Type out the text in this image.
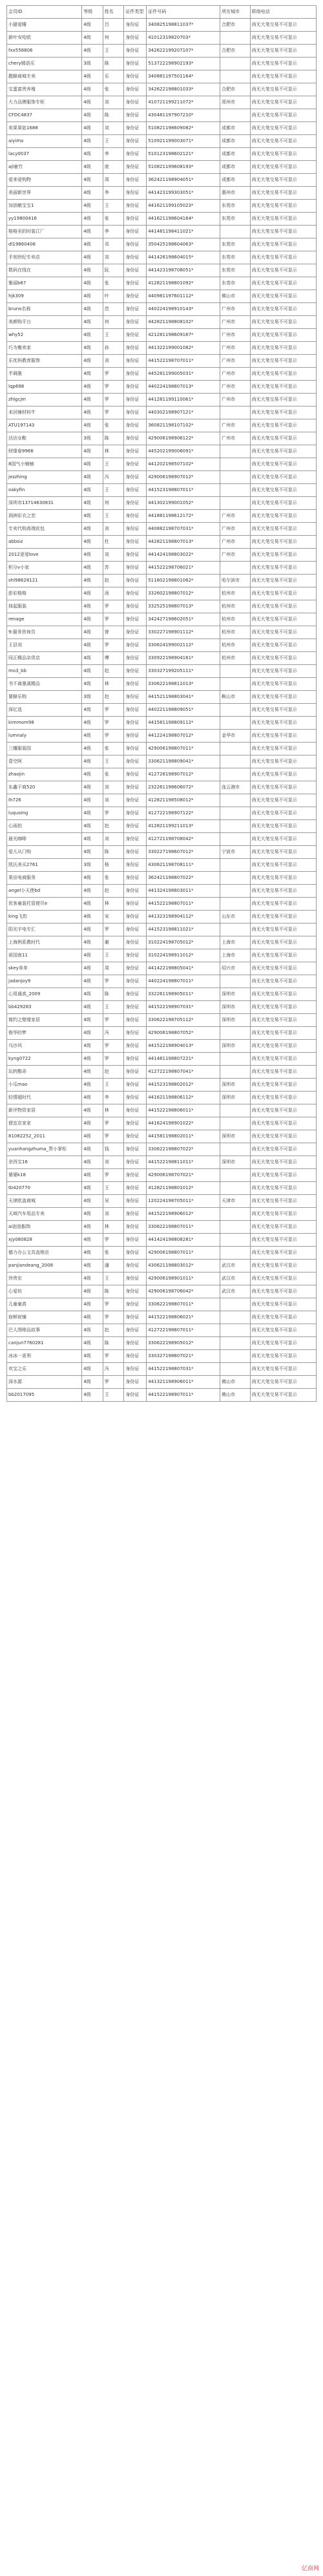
会员ID	等级	姓名	证件类型	证件号码	所在城市	联络电话
小猫爱睡	4级	吕	身份证	340825198811037*	合肥市	尚无大笔交易不可显示
新叶安哈欧	4级	何	身份证	41012319820703*		尚无大笔交易不可显示
fxx558806	4级	王	身份证	342622199207107*	合肥市	尚无大笔交易不可显示
chery嫣语乐	3级	陈	身份证	513722198902193*		尚无大笔交易不可显示
靓蜂商城专卖	4级	乐	身份证	340881197501164*		尚无大笔交易不可显示
宝蛋富贵养殖	4级	张	身份证	342622198801033*	合肥市	尚无大笔交易不可显示
大力品牌服饰专柜	4级	刘	身份证	410721199211072*	郑州市	尚无大笔交易不可显示
CFDC4837	4级	陈	身份证	430481197907210*		尚无大笔交易不可显示
卖果果姑1688	4级	刘	身份证	510821198609082*	成都市	尚无大笔交易不可显示
aiyimo	4级	王	身份证	510921199003071*	成都市	尚无大笔交易不可显示
lacy0037	4级	李	身份证	510123198602121*	成都市	尚无大笔交易不可显示
ajl童竹	4级	庞	身份证	510821199608193*	成都市	尚无大笔交易不可显示
爱来爱购物	4级	周	身份证	362421198904051*	成都市	尚无大笔交易不可显示
美丽新世界	4级	李	身份证	441423199303051*	惠州市	尚无大笔交易不可显示
加油敏宝宝1	4级	王	身份证	441621199105023*	东莞市	尚无大笔交易不可显示
yy19800416	4级	张	身份证	441621198604164*	东莞市	尚无大笔交易不可显示
格格巫的时装江厂	4级	李	身份证	441481198411021*		尚无大笔交易不可显示
dl19860406	4级	邓	身份证	350425198604063*	东莞市	尚无大笔交易不可显示
手刻世纪专卖店	4级	刘	身份证	441426198604015*	东莞市	尚无大笔交易不可显示
数码在线在	4级	阮	身份证	441423198708051*	东莞市	尚无大笔交易不可显示
雅丽b67	4级	张	身份证	412821198801092*	东莞市	尚无大笔交易不可显示
hjk309	4级	叶	身份证	440981197601112*	佛山市	尚无大笔交易不可显示
bruno名称	4级	范	身份证	440224198910143*	广州市	尚无大笔交易不可显示
美颜购平台	4级	何	身份证	442821198808102*	广州市	尚无大笔交易不可显示
why52	4级	王	身份证	421281198609167*	广州市	尚无大笔交易不可显示
巧为衡卖家	4级	孙	身份证	441322199001082*	广州市	尚无大笔交易不可显示
乐优妈教育服饰	4级	刘	身份证	441522198707011*	广州市	尚无大笔交易不可显示
半调墨	4级	罗	身份证	445281199005031*	广州市	尚无大笔交易不可显示
lqp698	4级	罗	身份证	440224198807013*	广州市	尚无大笔交易不可显示
zhlgcjm	4级	罗	身份证	441281199110061*	广州市	尚无大笔交易不可显示
未回铺材料牛	4级	罗	身份证	440302198907121*		尚无大笔交易不可显示
ATU197143	4级	张	身份证	360821198107102*	广州市	尚无大笔交易不可显示
达达女鞋	3级	陈	身份证	429006198906122*	广州市	尚无大笔交易不可显示
财缘春9966	4级	林	身份证	445202199006091*		尚无大笔交易不可显示
8国气小铺铺	4级	王	身份证	441202198507102*		尚无大笔交易不可显示
jezzhing	4级	冯	身份证	429006198907012*		尚无大笔交易不可显示
oakyfin	4级	王	身份证	441523198807011*		尚无大笔交易不可显示
深圳市13714630831	4级	何	身份证	441302199001052*		尚无大笔交易不可显示
润洲彩衣之恋	4级	王	身份证	441881198612172*	广州市	尚无大笔交易不可显示
专卖代购高端皮包	4级	刘	身份证	440882198707031*	广州市	尚无大笔交易不可显示
abbsiz	4级	杜	身份证	442821198807013*	广州市	尚无大笔交易不可显示
2012更爱love	4级	刘	身份证	441424198803022*	广州市	尚无大笔交易不可显示
积分v小家	4级	苏	身份证	441522198706021*		尚无大笔交易不可显示
shl98628121	4级	赵	身份证	511602198801062*	哈尔滨市	尚无大笔交易不可显示
彭彩格格	4级	汤	身份证	332602198807012*	杭州市	尚无大笔交易不可显示
抹起服装	4级	罗	身份证	332525198807013*	杭州市	尚无大笔交易不可显示
renage	4级	罗	身份证	342427198602051*	杭州市	尚无大笔交易不可显示
9:服务咨询员	4级	曾	身份证	330227198901112*	杭州市	尚无大笔交易不可显示
王县刘	4级	罗	身份证	330624199002112*	杭州市	尚无大笔交易不可显示
同正精品杂货店	4级	傅	身份证	330922198904161*	杭州市	尚无大笔交易不可显示
mo3_bb	4级	赵	身份证	330327199205111*		尚无大笔交易不可显示
书不离墨溪精品	4级	林	身份证	330622198811013*		尚无大笔交易不可显示
要蜂乐购	3级	赵	身份证	441521198803041*	鞍山市	尚无大笔交易不可显示
深亿选	4级	罗	身份证	440221198809051*		尚无大笔交易不可显示
kimmom98	4级	罗	身份证	441581198809112*		尚无大笔交易不可显示
lumnaly	4级	罗	身份证	441224198807012*	金华市	尚无大笔交易不可显示
三雕服装园	4级	张	身份证	429006198807011*		尚无大笔交易不可显示
壹空阿	4级	王	身份证	330621198809041*		尚无大笔交易不可显示
zhaojin	4级	张	身份证	412728198907012*		尚无大笔交易不可显示
东鑫干商520	4级	刘	身份证	232261198606072*	连云港市	尚无大笔交易不可显示
lh726	4级	刘	身份证	412821198508012*		尚无大笔交易不可显示
luquoing	4级	罗	身份证	412722198907122*		尚无大笔交易不可显示
心雨拍	4级	赵	身份证	412821199211013*		尚无大笔交易不可显示
晨光咖啡	4级	刘	身份证	412721198708042*		尚无大笔交易不可显示
爱儿从门购	4级	陈	身份证	330227198607012*	宁波市	尚无大笔交易不可显示
凯氏美买2761	3级	杨	身份证	430621198708111*		尚无大笔交易不可显示
果田电商服务	4级	张	身份证	362421198807022*		尚无大笔交易不可显示
angel小天使bd	4级	赵	身份证	441324198803011*		尚无大笔交易不可显示
优客童装托管便贝e	4级	林	身份证	441522198807011*		尚无大笔交易不可显示
king飞豹	4级	宋	身份证	441323198904112*	山东市	尚无大笔交易不可显示
阳光宇电专汇	4级	罗	身份证	441523198811021*		尚无大笔交易不可显示
上海例系教时代	4级	谢	身份证	310224198705012*	上海市	尚无大笔交易不可显示
祖国南11	4级	王	身份证	310224198911012*	上海市	尚无大笔交易不可显示
skey单单	4级	周	身份证	441422198805041*	绍兴市	尚无大笔交易不可显示
jadanjoy9	4级	罗	身份证	440224198807011*		尚无大笔交易不可显示
心用通高_2009	4级	陈	身份证	332261198905011*	深圳市	尚无大笔交易不可显示
bb429283	4级	王	身份证	441522198907031*	深圳市	尚无大笔交易不可显示
简约之壁缘家居	4级	罗	身份证	330622198705112*	深圳市	尚无大笔交易不可显示
俊华的梦	4级	冯	身份证	429006198807052*		尚无大笔交易不可显示
乌沙风	4级	罗	身份证	441522198904013*	深圳市	尚无大笔交易不可显示
kyng0722	4级	罗	身份证	441481198807221*		尚无大笔交易不可显示
玩转酷奇	4级	赵	身份证	412722198807041*		尚无大笔交易不可显示
小瓜mao	4级	王	身份证	441523198802012*	深圳市	尚无大笔交易不可显示
轻情超时代	4级	李	身份证	441621198806112*	深圳市	尚无大笔交易不可显示
新评物资家居	4级	林	身份证	441522198806011*		尚无大笔交易不可显示
便宜店家家	4级	罗	身份证	441624198901022*		尚无大笔交易不可显示
81082252_2011	4级	罗	身份证	441581198802011*	深圳市	尚无大笔交易不可显示
yuanhangzhuma_帮小掌柜	4级	钱	身份证	330622198807022*		尚无大笔交易不可显示
余西宝16	4级	刘	身份证	441522198811011*	深圳市	尚无大笔交易不可显示
婆婆k18	4级	罗	身份证	429006198707021*		尚无大笔交易不可显示
tb420770	4级	王	身份证	412821198801012*		尚无大笔交易不可显示
天津欧盖商城	4级	吴	身份证	120224198705011*	天津市	尚无大笔交易不可显示
天域汽车用品专卖	4级	刘	身份证	441522198906012*		尚无大笔交易不可显示
ai泡泡服饰	4级	林	身份证	330622198807011*		尚无大笔交易不可显示
xjy080828	4级	罗	身份证	441424198808281*		尚无大笔交易不可显示
德力办公文具直销店	4级	张	身份证	429006198807011*		尚无大笔交易不可显示
panjiandeang_2008	4级	潘	身份证	430621198803012*	武汉市	尚无大笔交易不可显示
珍贵宏	4级	王	身份证	429006198901011*	武汉市	尚无大笔交易不可显示
心爱坊	4级	陈	身份证	429006198706042*	武汉市	尚无大笔交易不可显示
儿童童真	4级	罗	身份证	330622198807011*		尚无大笔交易不可显示
宿鲜宸铺	4级	罗	身份证	441522198806021*		尚无大笔交易不可显示
巴人图啡品故事	4级	赵	身份证	412722198807011*		尚无大笔交易不可显示
canjun7760281	4级	陈	身份证	330622198905012*		尚无大笔交易不可显示
冰冰一更利	4级	罗	身份证	330327198807021*		尚无大笔交易不可显示
欢宝之乐	4级	冯	身份证	441522198807031*		尚无大笔交易不可显示
深水源	4级	罗	身份证	441321198906011*	佛山市	尚无大笔交易不可显示
bb2017095	4级	王	身份证	441522198907011*	佛山市	尚无大笔交易不可显示
亿商网
